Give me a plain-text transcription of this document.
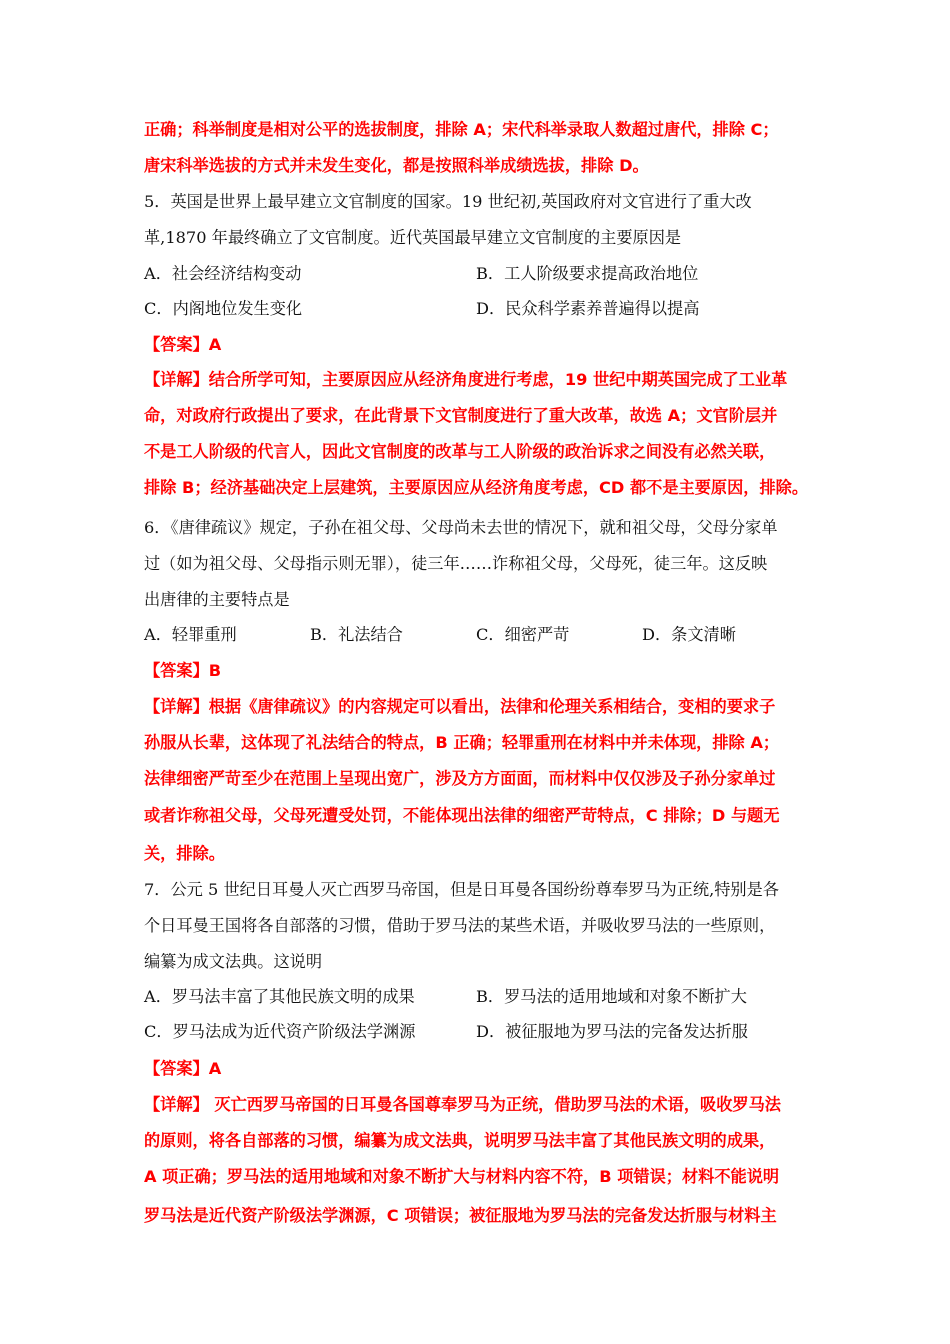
正确；科举制度是相对公平的选拔制度，排除 A；宋代科举录取人数超过唐代，排除 C；
唐宋科举选拔的方式并未发生变化，都是按照科举成绩选拔，排除 D。
5．英国是世界上最早建立文官制度的国家。19 世纪初,英国政府对文官进行了重大改
革,1870 年最终确立了文官制度。近代英国最早建立文官制度的主要原因是
A．社会经济结构变动	B．工人阶级要求提高政治地位
C．内阁地位发生变化	D．民众科学素养普遍得以提高
【答案】A
【详解】结合所学可知，主要原因应从经济角度进行考虑，19 世纪中期英国完成了工业革
命，对政府行政提出了要求，在此背景下文官制度进行了重大改革，故选 A；文官阶层并
不是工人阶级的代言人，因此文官制度的改革与工人阶级的政治诉求之间没有必然关联，
排除 B；经济基础决定上层建筑，主要原因应从经济角度考虑，CD 都不是主要原因，排除。
6．《唐律疏议》规定，子孙在祖父母、父母尚未去世的情况下，就和祖父母，父母分家单
过（如为祖父母、父母指示则无罪），徒三年……诈称祖父母，父母死，徒三年。这反映
出唐律的主要特点是
A．轻罪重刑	B．礼法结合	C．细密严苛	D．条文清晰
【答案】B
【详解】根据《唐律疏议》的内容规定可以看出，法律和伦理关系相结合，变相的要求子
孙服从长辈，这体现了礼法结合的特点，B 正确；轻罪重刑在材料中并未体现，排除 A；
法律细密严苛至少在范围上呈现出宽广，涉及方方面面，而材料中仅仅涉及子孙分家单过
或者诈称祖父母，父母死遭受处罚，不能体现出法律的细密严苛特点，C 排除；D 与题无
关，排除。
7．公元 5 世纪日耳曼人灭亡西罗马帝国，但是日耳曼各国纷纷尊奉罗马为正统,特别是各
个日耳曼王国将各自部落的习惯，借助于罗马法的某些术语，并吸收罗马法的一些原则，
编纂为成文法典。这说明
A．罗马法丰富了其他民族文明的成果	B．罗马法的适用地域和对象不断扩大
C．罗马法成为近代资产阶级法学渊源	D．被征服地为罗马法的完备发达折服
【答案】A
【详解】 灭亡西罗马帝国的日耳曼各国尊奉罗马为正统，借助罗马法的术语，吸收罗马法
的原则，将各自部落的习惯，编纂为成文法典，说明罗马法丰富了其他民族文明的成果，
A 项正确；罗马法的适用地域和对象不断扩大与材料内容不符，B 项错误；材料不能说明
罗马法是近代资产阶级法学渊源，C 项错误；被征服地为罗马法的完备发达折服与材料主
